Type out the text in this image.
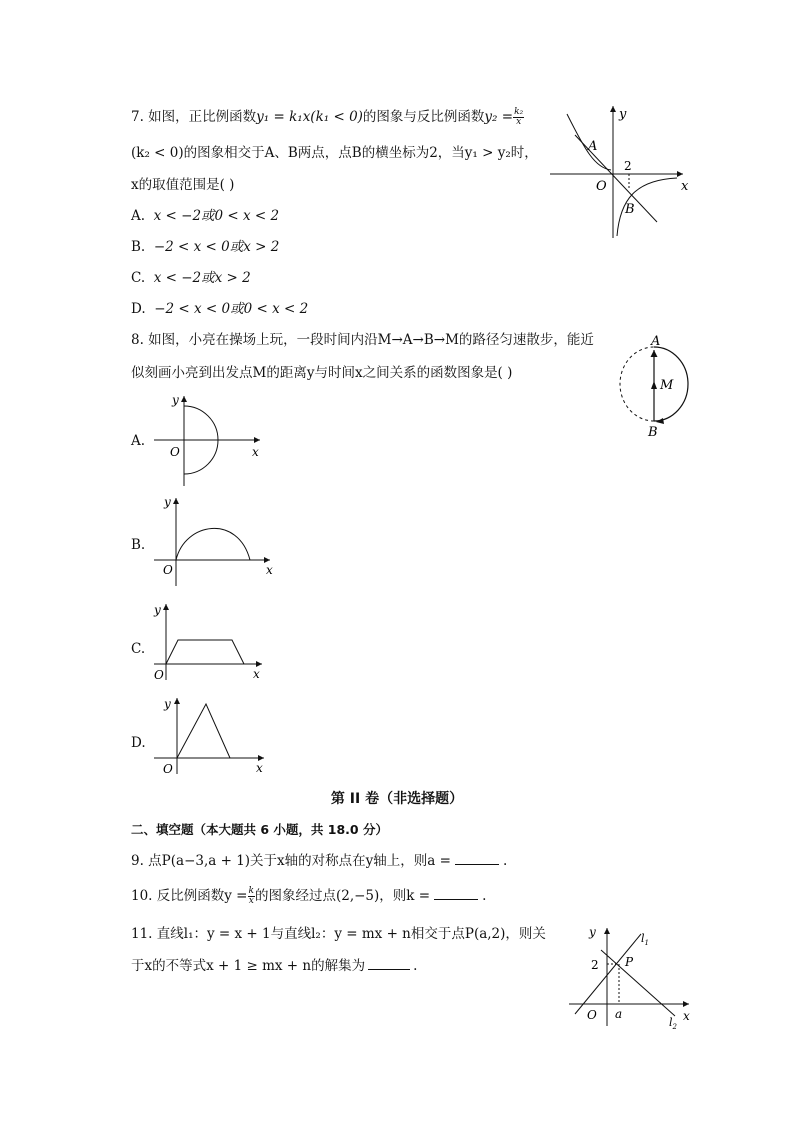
7. 如图，正比例函数y₁ = k₁x(k₁ < 0)的图象与反比例函数$y_2 = \frac{\text{k₂}}{x}$
(k₂ < 0)的图象相交于A、B两点，点B的横坐标为2，当y₁ > y₂时，
x的取值范围是( )
A. x < −2或0 < x < 2
B. −2 < x < 0或x > 2
C. x < −2或x > 2
D. −2 < x < 0或0 < x < 2
y
x
O
A
B
2
8. 如图，小亮在操场上玩，一段时间内沿M→A→B→M的路径匀速散步，能近
似刻画小亮到出发点M的距离y与时间x之间关系的函数图象是( )
A
B
M
A.
y
x
O
B.
y
x
O
C.
y
x
O
D.
y
x
O
第 II 卷（非选择题）
二、填空题（本大题共 6 小题，共 18.0 分）
9. 点P(a−3,a + 1)关于x轴的对称点在y轴上，则a =	.
10. 反比例函数$y = \frac{k}{x}$ 的图象经过点(2,−5)，则k =	.
11. 直线l₁：y = x + 1与直线l₂：y = mx + n相交于点P(a,2)，则关
于x的不等式x + 1 ≥ mx + n的解集为	.
y
x
O
2 P
a
$l_1$
$l_2$
